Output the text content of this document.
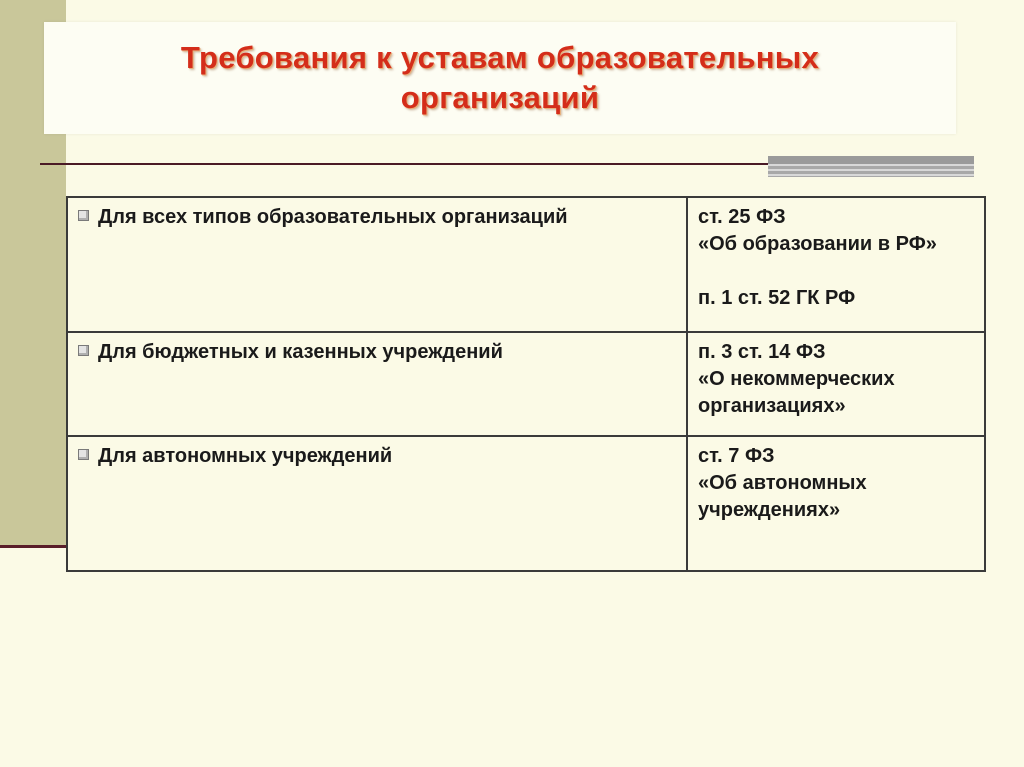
Требования к уставам образовательных
организаций
Для всех типов образовательных организаций	ст. 25 ФЗ
«Об образовании в РФ»
п. 1 ст. 52 ГК РФ

Для бюджетных и казенных учреждений	п. 3 ст. 14 ФЗ
«О некоммерческих
организациях»

Для автономных учреждений	ст. 7 ФЗ
«Об автономных
учреждениях»
